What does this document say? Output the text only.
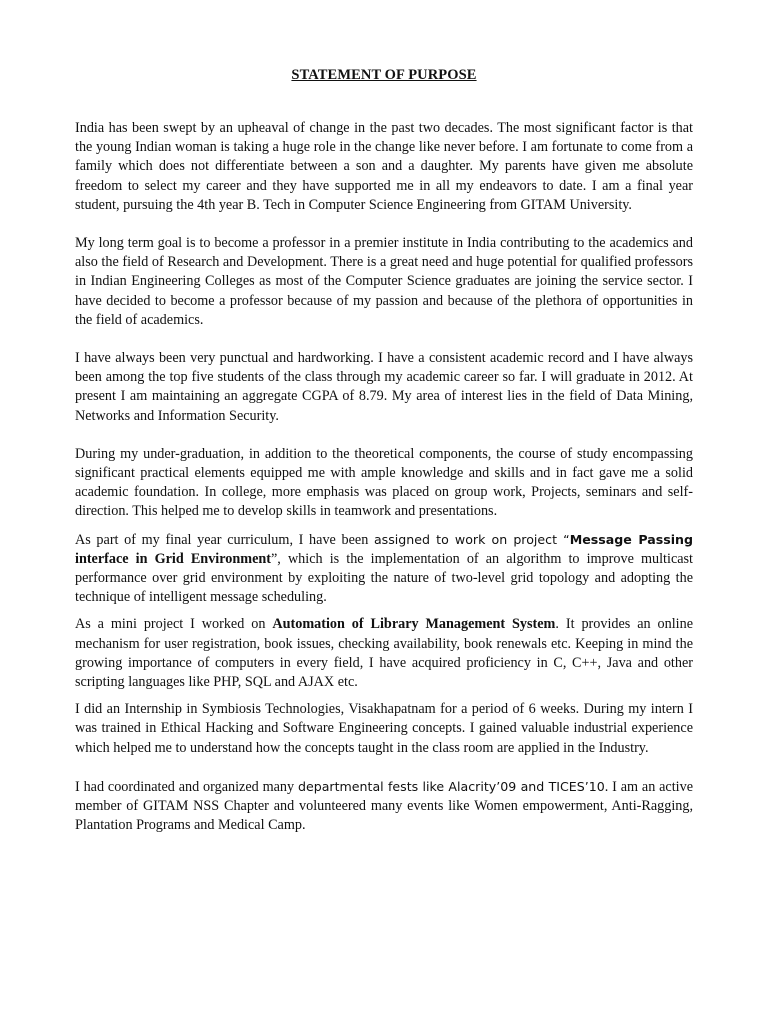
STATEMENT OF PURPOSE

India has been swept by an upheaval of change in the past two decades. The most significant factor is that the young Indian woman is taking a huge role in the change like never before. I am fortunate to come from a family which does not differentiate between a son and a daughter. My parents have given me absolute freedom to select my career and they have supported me in all my endeavors to date. I am a final year student, pursuing the 4th year B. Tech in Computer Science Engineering from GITAM University.

My long term goal is to become a professor in a premier institute in India contributing to the academics and also the field of Research and Development. There is a great need and huge potential for qualified professors in Indian Engineering Colleges as most of the Computer Science graduates are joining the service sector. I have decided to become a professor because of my passion and because of the plethora of opportunities in the field of academics.

I have always been very punctual and hardworking. I have a consistent academic record and I have always been among the top five students of the class through my academic career so far. I will graduate in 2012. At present I am maintaining an aggregate CGPA of 8.79. My area of interest lies in the field of Data Mining, Networks and Information Security.

During my under-graduation, in addition to the theoretical components, the course of study encompassing significant practical elements equipped me with ample knowledge and skills and in fact gave me a solid academic foundation. In college, more emphasis was placed on group work, Projects, seminars and self-direction. This helped me to develop skills in teamwork and presentations.

As part of my final year curriculum, I have been assigned to work on project “Message Passing interface in Grid Environment”, which is the implementation of an algorithm to improve multicast performance over grid environment by exploiting the nature of two-level grid topology and adopting the technique of intelligent message scheduling.

As a mini project I worked on Automation of Library Management System. It provides an online mechanism for user registration, book issues, checking availability, book renewals etc. Keeping in mind the growing importance of computers in every field, I have acquired proficiency in C, C++, Java and other scripting languages like PHP, SQL and AJAX etc.

I did an Internship in Symbiosis Technologies, Visakhapatnam for a period of 6 weeks. During my intern I was trained in Ethical Hacking and Software Engineering concepts. I gained valuable industrial experience which helped me to understand how the concepts taught in the class room are applied in the Industry.

I had coordinated and organized many departmental fests like Alacrity’09 and TICES’10. I am an active member of GITAM NSS Chapter and volunteered many events like Women empowerment, Anti-Ragging, Plantation Programs and Medical Camp.
